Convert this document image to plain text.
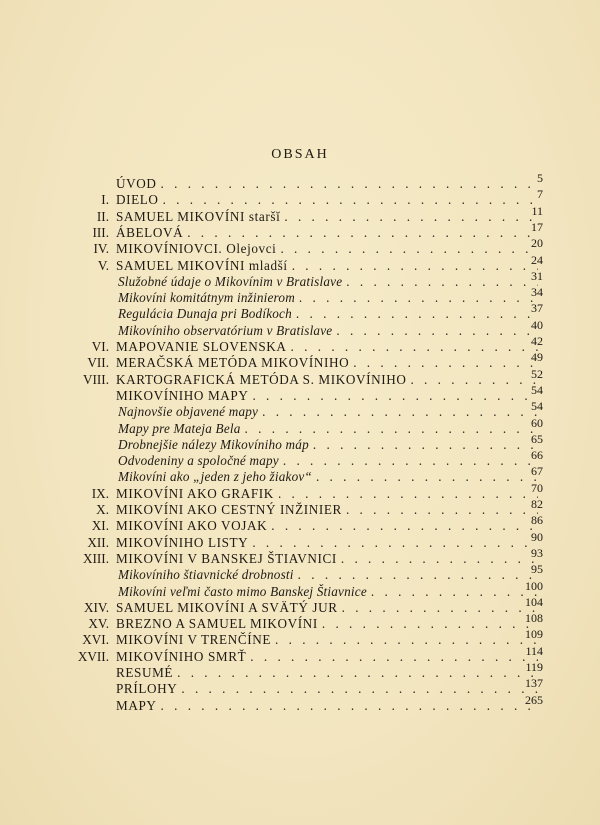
OBSAH
ÚVOD . . .	5
I. DIELO . . .	7
II. SAMUEL MIKOVÍNI staršĭ . . .	11
III. ÁBELOVÁ . . .	17
IV. MIKOVÍNIOVCI. Olejovci . . .	20
V. SAMUEL MIKOVÍNI mladší . . .	24
Služobné údaje o Mikovínim v Bratislave . . .	31
Mikovíni komitátnym inžinierom . . .	34
Regulácia Dunaja pri Bodíkoch . . .	37
Mikovíniho observatórium v Bratislave . . .	40
VI. MAPOVANIE SLOVENSKA . . .	42
VII. MERAČSKÁ METÓDA MIKOVÍNIHO . . .	49
VIII. KARTOGRAFICKÁ METÓDA S. MIKOVÍNIHO . . .	52
MIKOVÍNIHO MAPY . . .	54
Najnovšie objavené mapy . . .	54
Mapy pre Mateja Bela . . .	60
Drobnejšie nálezy Mikovíniho máp . . .	65
Odvodeniny a spoločné mapy . . .	66
Mikovíni ako „jeden z jeho žiakov“ . . .	67
IX. MIKOVÍNI AKO GRAFIK . . .	70
X. MIKOVÍNI AKO CESTNÝ INŽINIER . . .	82
XI. MIKOVÍNI AKO VOJAK . . .	86
XII. MIKOVÍNIHO LISTY . . .	90
XIII. MIKOVÍNI V BANSKEJ ŠTIAVNICI . . .	93
Mikovíniho štiavnické drobnosti . . .	95
Mikovíni veľmi často mimo Banskej Štiavnice . . .	100
XIV. SAMUEL MIKOVÍNI A SVÄTÝ JUR . . .	104
XV. BREZNO A SAMUEL MIKOVÍNI . . .	108
XVI. MIKOVÍNI V TRENČÍNE . . .	109
XVII. MIKOVÍNIHO SMRŤ . . .	114
RESUMÉ . . .	119
PRÍLOHY . . .	137
MAPY . . .	265
